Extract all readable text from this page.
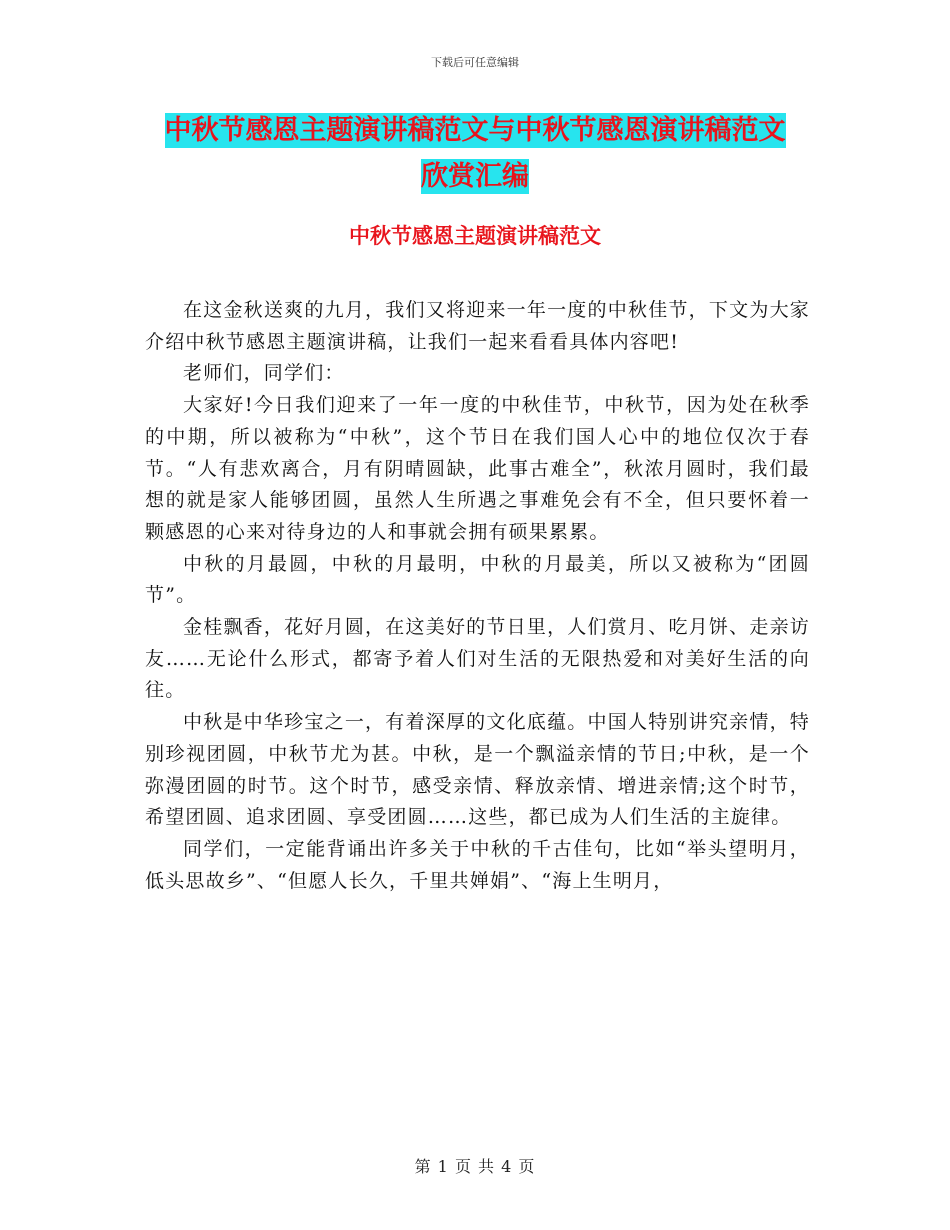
下载后可任意编辑
中秋节感恩主题演讲稿范文与中秋节感恩演讲稿范文
欣赏汇编
中秋节感恩主题演讲稿范文

在这金秋送爽的九月，我们又将迎来一年一度的中秋佳节，下文为大家介绍中秋节感恩主题演讲稿，让我们一起来看看具体内容吧!

老师们，同学们：

大家好!今日我们迎来了一年一度的中秋佳节，中秋节，因为处在秋季的中期，所以被称为“中秋”，这个节日在我们国人心中的地位仅次于春节。“人有悲欢离合，月有阴晴圆缺，此事古难全”，秋浓月圆时，我们最想的就是家人能够团圆，虽然人生所遇之事难免会有不全，但只要怀着一颗感恩的心来对待身边的人和事就会拥有硕果累累。

中秋的月最圆，中秋的月最明，中秋的月最美，所以又被称为“团圆节”。

金桂飘香，花好月圆，在这美好的节日里，人们赏月、吃月饼、走亲访友……无论什么形式，都寄予着人们对生活的无限热爱和对美好生活的向往。

中秋是中华珍宝之一，有着深厚的文化底蕴。中国人特别讲究亲情，特别珍视团圆，中秋节尤为甚。中秋，是一个飘溢亲情的节日;中秋，是一个弥漫团圆的时节。这个时节，感受亲情、释放亲情、增进亲情;这个时节，希望团圆、追求团圆、享受团圆……这些，都已成为人们生活的主旋律。

同学们，一定能背诵出许多关于中秋的千古佳句，比如“举头望明月，低头思故乡”、“但愿人长久，千里共婵娟”、“海上生明月，

第 1 页 共 4 页
